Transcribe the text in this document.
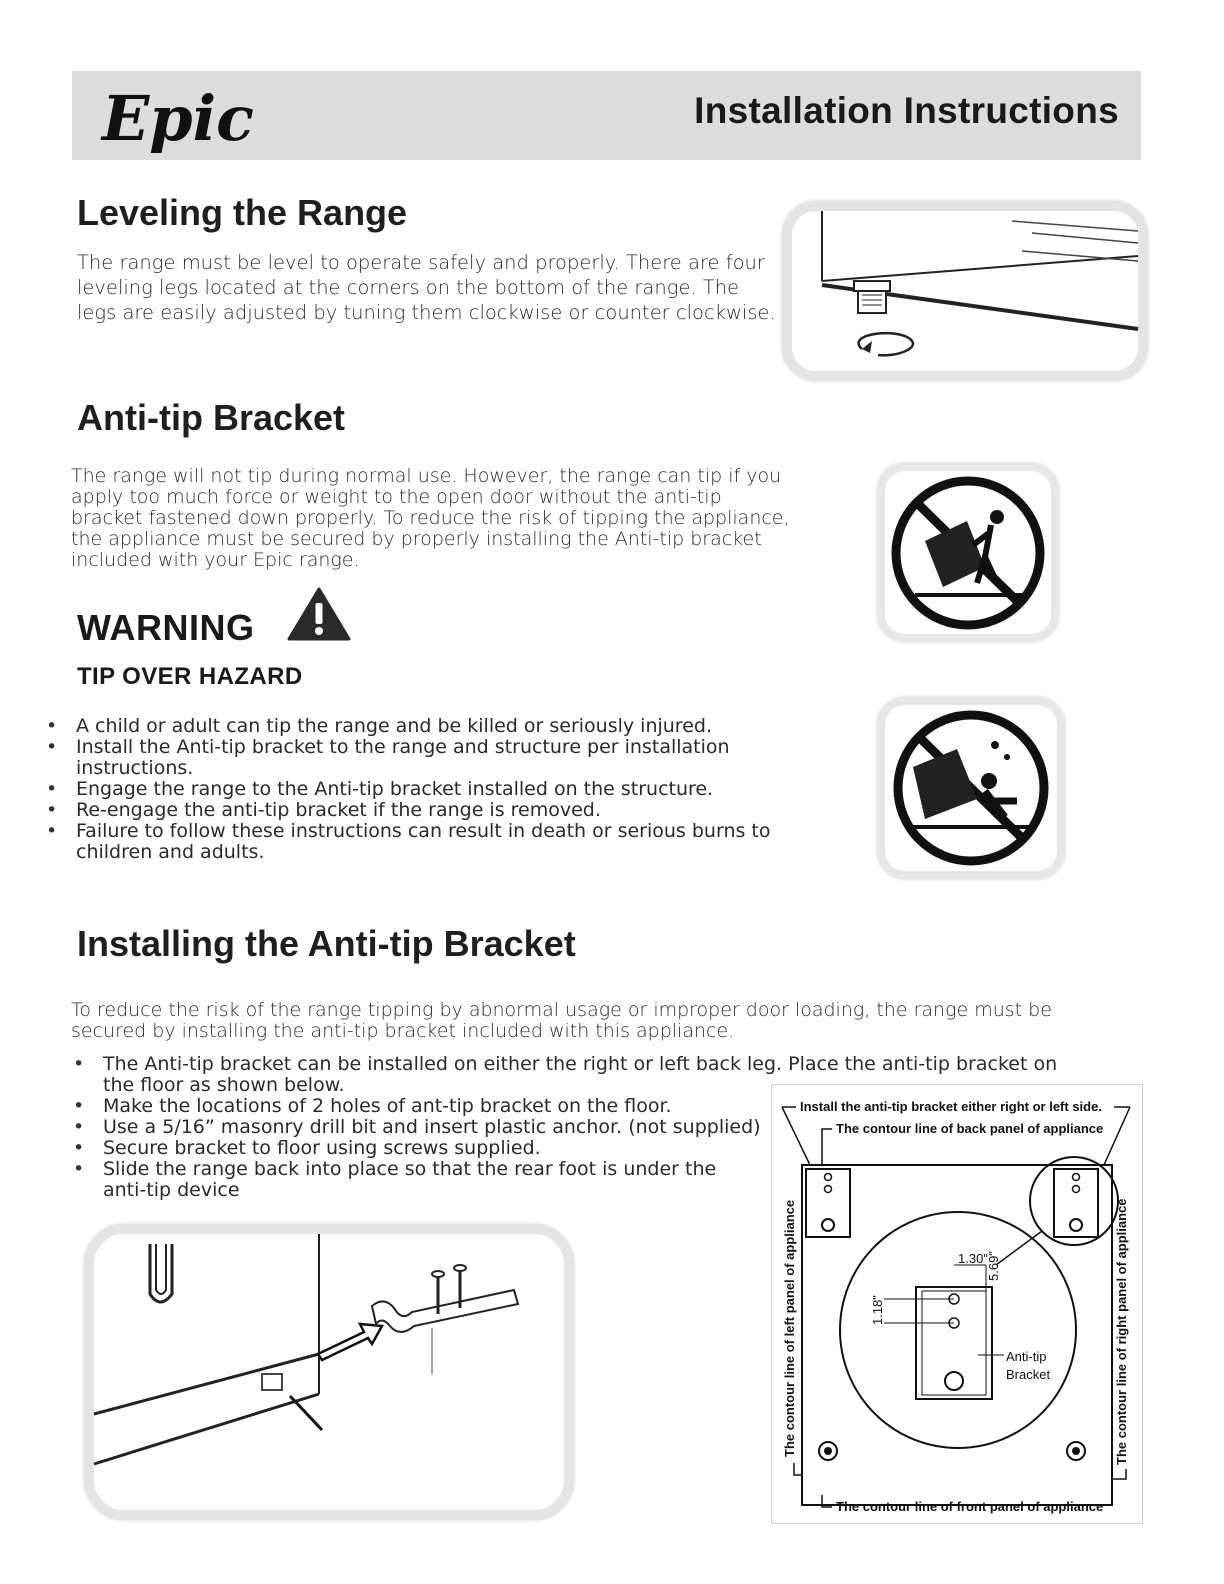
Epic	Installation Instructions
Leveling the Range

The range must be level to operate safely and properly. There are four leveling legs located at the corners on the bottom of the range. The legs are easily adjusted by tuning them clockwise or counter clockwise.

Anti-tip Bracket

The range will not tip during normal use. However, the range can tip if you apply too much force or weight to the open door without the anti-tip bracket fastened down properly. To reduce the risk of tipping the appliance, the appliance must be secured by properly installing the Anti-tip bracket included with your Epic range.

WARNING
TIP OVER HAZARD
• A child or adult can tip the range and be killed or seriously injured.
• Install the Anti-tip bracket to the range and structure per installation instructions.
• Engage the range to the Anti-tip bracket installed on the structure.
• Re-engage the anti-tip bracket if the range is removed.
• Failure to follow these instructions can result in death or serious burns to children and adults.
Installing the Anti-tip Bracket

To reduce the risk of the range tipping by abnormal usage or improper door loading, the range must be secured by installing the anti-tip bracket included with this appliance.

• The Anti-tip bracket can be installed on either the right or left back leg. Place the anti-tip bracket on the floor as shown below.
• Make the locations of 2 holes of ant-tip bracket on the floor.
• Use a 5/16” masonry drill bit and insert plastic anchor. (not supplied)
• Secure bracket to floor using screws supplied.
• Slide the range back into place so that the rear foot is under the anti-tip device
Install the anti-tip bracket either right or left side.
The contour line of back panel of appliance
1.30"
5.69"
1.18"
Anti-tip
Bracket
The contour line of left panel of appliance	The contour line of right panel of appliance
The contour line of front panel of appliance
